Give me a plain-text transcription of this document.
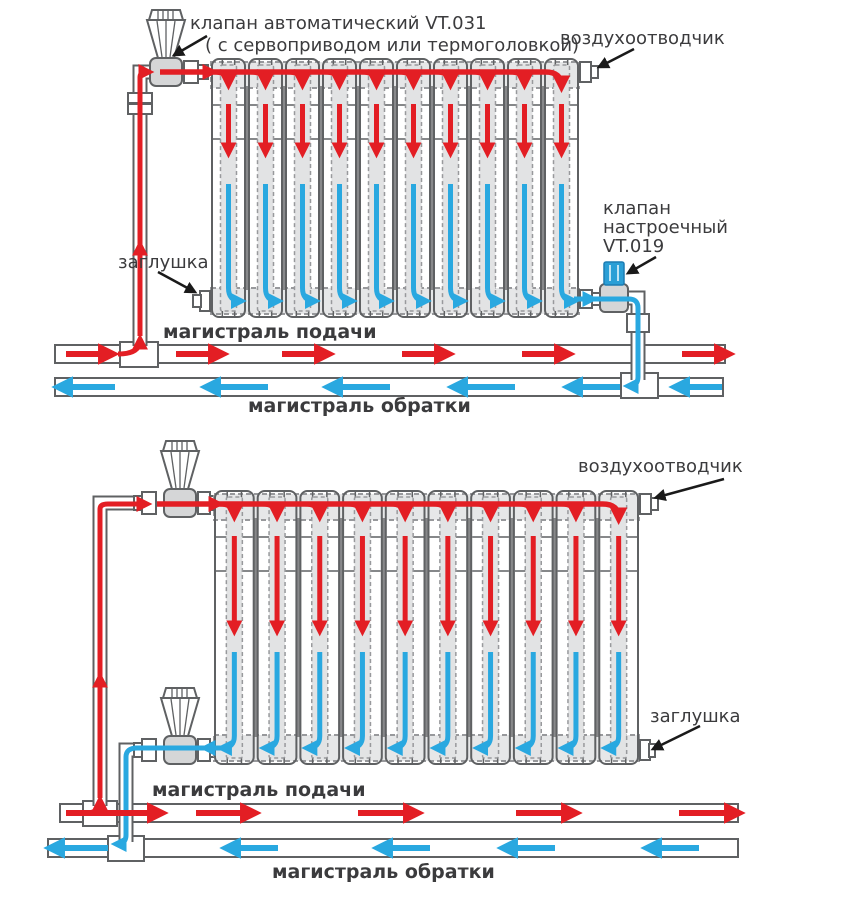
клапан автоматический VT.031
( с сервоприводом или термоголовкой)
воздухоотводчик
клапан
настроечный
VT.019
заглушка
магистраль подачи
магистраль обратки
воздухоотводчик
заглушка
магистраль подачи
магистраль обратки
